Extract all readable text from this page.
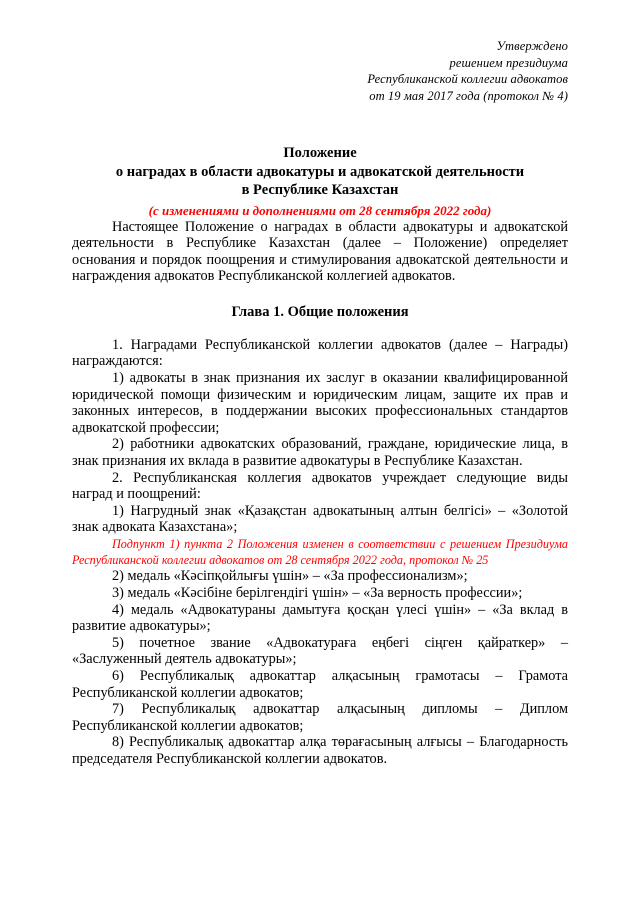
Утверждено
решением президиума
Республиканской коллегии адвокатов
от 19 мая 2017 года (протокол № 4)
Положение
о наградах в области адвокатуры и адвокатской деятельности
в Республике Казахстан
(с изменениями и дополнениями от 28 сентября 2022 года)

Настоящее Положение о наградах в области адвокатуры и адвокатской деятельности в Республике Казахстан (далее – Положение) определяет основания и порядок поощрения и стимулирования адвокатской деятельности и награждения адвокатов Республиканской коллегией адвокатов.

Глава 1. Общие положения

1. Наградами Республиканской коллегии адвокатов (далее – Награды) награждаются:

1) адвокаты в знак признания их заслуг в оказании квалифицированной юридической помощи физическим и юридическим лицам, защите их прав и законных интересов, в поддержании высоких профессиональных стандартов адвокатской профессии;

2) работники адвокатских образований, граждане, юридические лица, в знак признания их вклада в развитие адвокатуры в Республике Казахстан.

2. Республиканская коллегия адвокатов учреждает следующие виды наград и поощрений:

1) Нагрудный знак «Қазақстан адвокатының алтын белгісі» – «Золотой знак адвоката Казахстана»;

Подпункт 1) пункта 2 Положения изменен в соответствии с решением Президиума Республиканской коллегии адвокатов от 28 сентября 2022 года, протокол № 25

2) медаль «Кәсіпқойлығы үшін» – «За профессионализм»;

3) медаль «Кәсібіне берілгендігі үшін» – «За верность профессии»;

4) медаль «Адвокатураны дамытуға қосқан үлесі үшін» – «За вклад в развитие адвокатуры»;

5) почетное звание «Адвокатураға еңбегі сіңген қайраткер» – «Заслуженный деятель адвокатуры»;

6) Республикалық адвокаттар алқасының грамотасы – Грамота Республиканской коллегии адвокатов;

7) Республикалық адвокаттар алқасының дипломы – Диплом Республиканской коллегии адвокатов;

8) Республикалық адвокаттар алқа төрағасының алғысы – Благодарность председателя Республиканской коллегии адвокатов.
